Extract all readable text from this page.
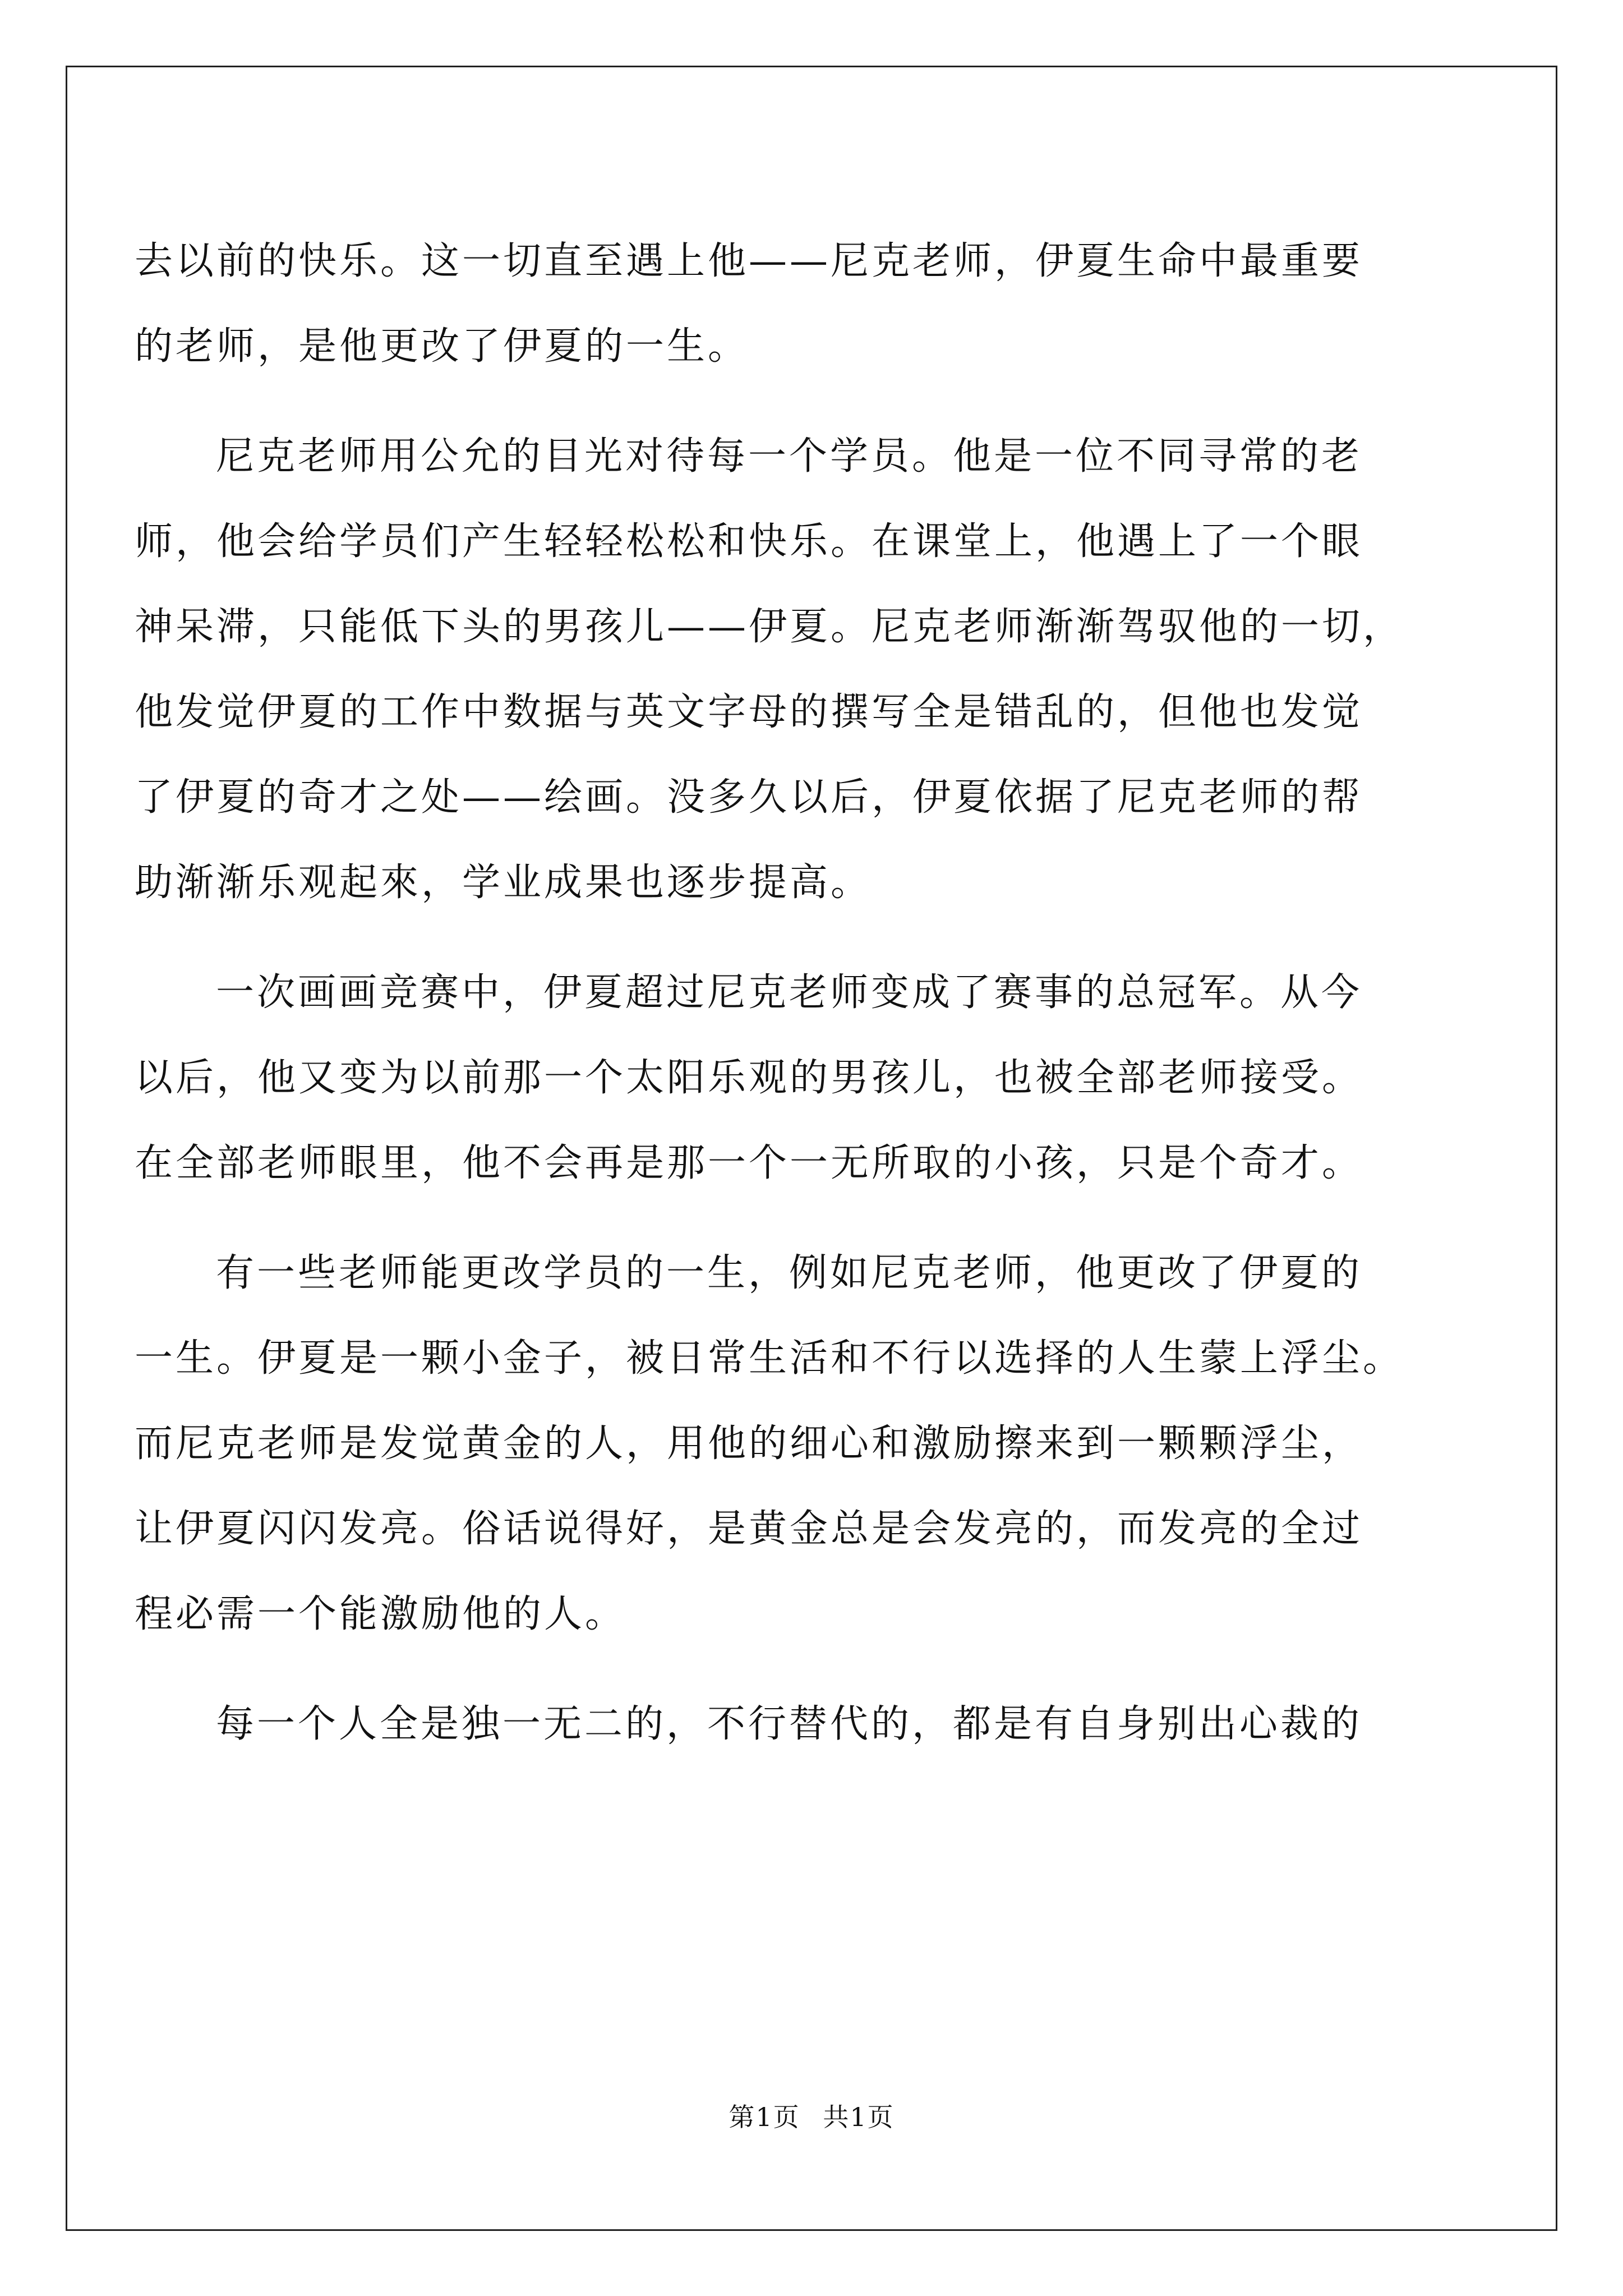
去以前的快乐。这一切直至遇上他——尼克老师，伊夏生命中最重要

的老师，是他更改了伊夏的一生。

尼克老师用公允的目光对待每一个学员。他是一位不同寻常的老

师，他会给学员们产生轻轻松松和快乐。在课堂上，他遇上了一个眼

神呆滞，只能低下头的男孩儿——伊夏。尼克老师渐渐驾驭他的一切，

他发觉伊夏的工作中数据与英文字母的撰写全是错乱的，但他也发觉

了伊夏的奇才之处——绘画。没多久以后，伊夏依据了尼克老师的帮

助渐渐乐观起來，学业成果也逐步提高。

一次画画竞赛中，伊夏超过尼克老师变成了赛事的总冠军。从今

以后，他又变为以前那一个太阳乐观的男孩儿，也被全部老师接受。

在全部老师眼里，他不会再是那一个一无所取的小孩，只是个奇才。

有一些老师能更改学员的一生，例如尼克老师，他更改了伊夏的

一生。伊夏是一颗小金子，被日常生活和不行以选择的人生蒙上浮尘。

而尼克老师是发觉黄金的人，用他的细心和激励擦来到一颗颗浮尘，

让伊夏闪闪发亮。俗话说得好，是黄金总是会发亮的，而发亮的全过

程必需一个能激励他的人。

每一个人全是独一无二的，不行替代的，都是有自身别出心裁的

第1页 共1页
